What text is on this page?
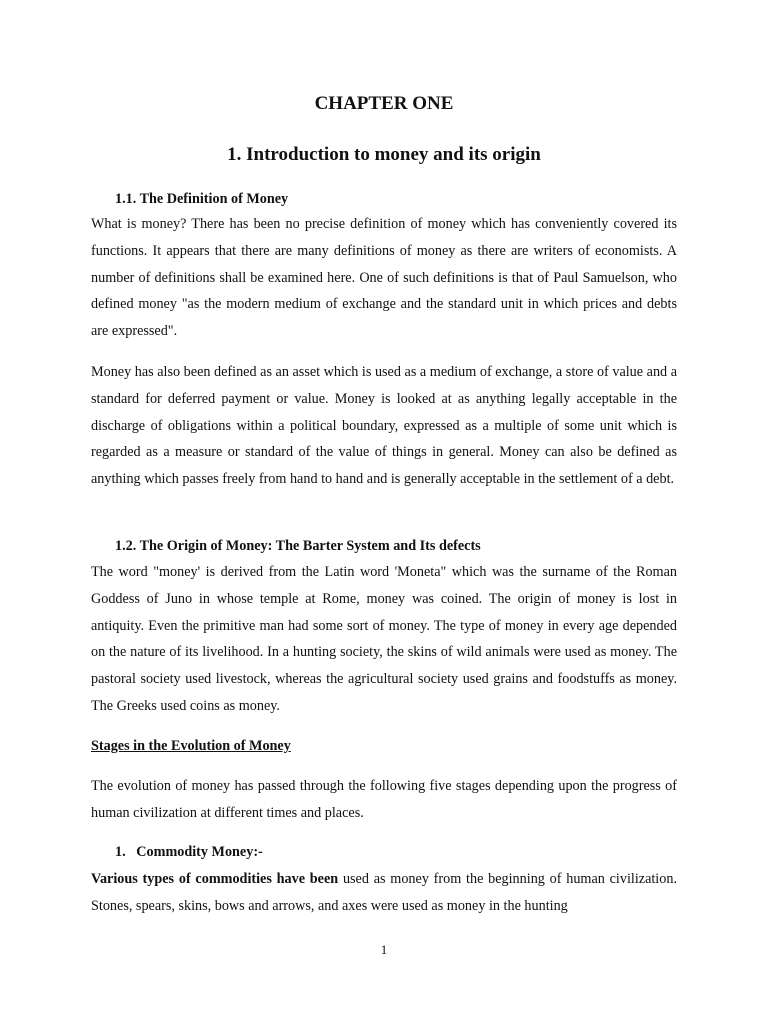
CHAPTER ONE
1. Introduction to money and its origin
1.1. The Definition of Money

What is money? There has been no precise definition of money which has conveniently covered its functions. It appears that there are many definitions of money as there are writers of economists. A number of definitions shall be examined here. One of such definitions is that of Paul Samuelson, who defined money "as the modern medium of exchange and the standard unit in which prices and debts are expressed".

Money has also been defined as an asset which is used as a medium of exchange, a store of value and a standard for deferred payment or value. Money is looked at as anything legally acceptable in the discharge of obligations within a political boundary, expressed as a multiple of some unit which is regarded as a measure or standard of the value of things in general. Money can also be defined as anything which passes freely from hand to hand and is generally acceptable in the settlement of a debt.

1.2. The Origin of Money: The Barter System and Its defects

The word "money' is derived from the Latin word 'Moneta" which was the surname of the Roman Goddess of Juno in whose temple at Rome, money was coined. The origin of money is lost in antiquity. Even the primitive man had some sort of money. The type of money in every age depended on the nature of its livelihood. In a hunting society, the skins of wild animals were used as money. The pastoral society used livestock, whereas the agricultural society used grains and foodstuffs as money. The Greeks used coins as money.

Stages in the Evolution of Money

The evolution of money has passed through the following five stages depending upon the progress of human civilization at different times and places.

1.   Commodity Money:-

Various types of commodities have been used as money from the beginning of human civilization. Stones, spears, skins, bows and arrows, and axes were used as money in the hunting

1
